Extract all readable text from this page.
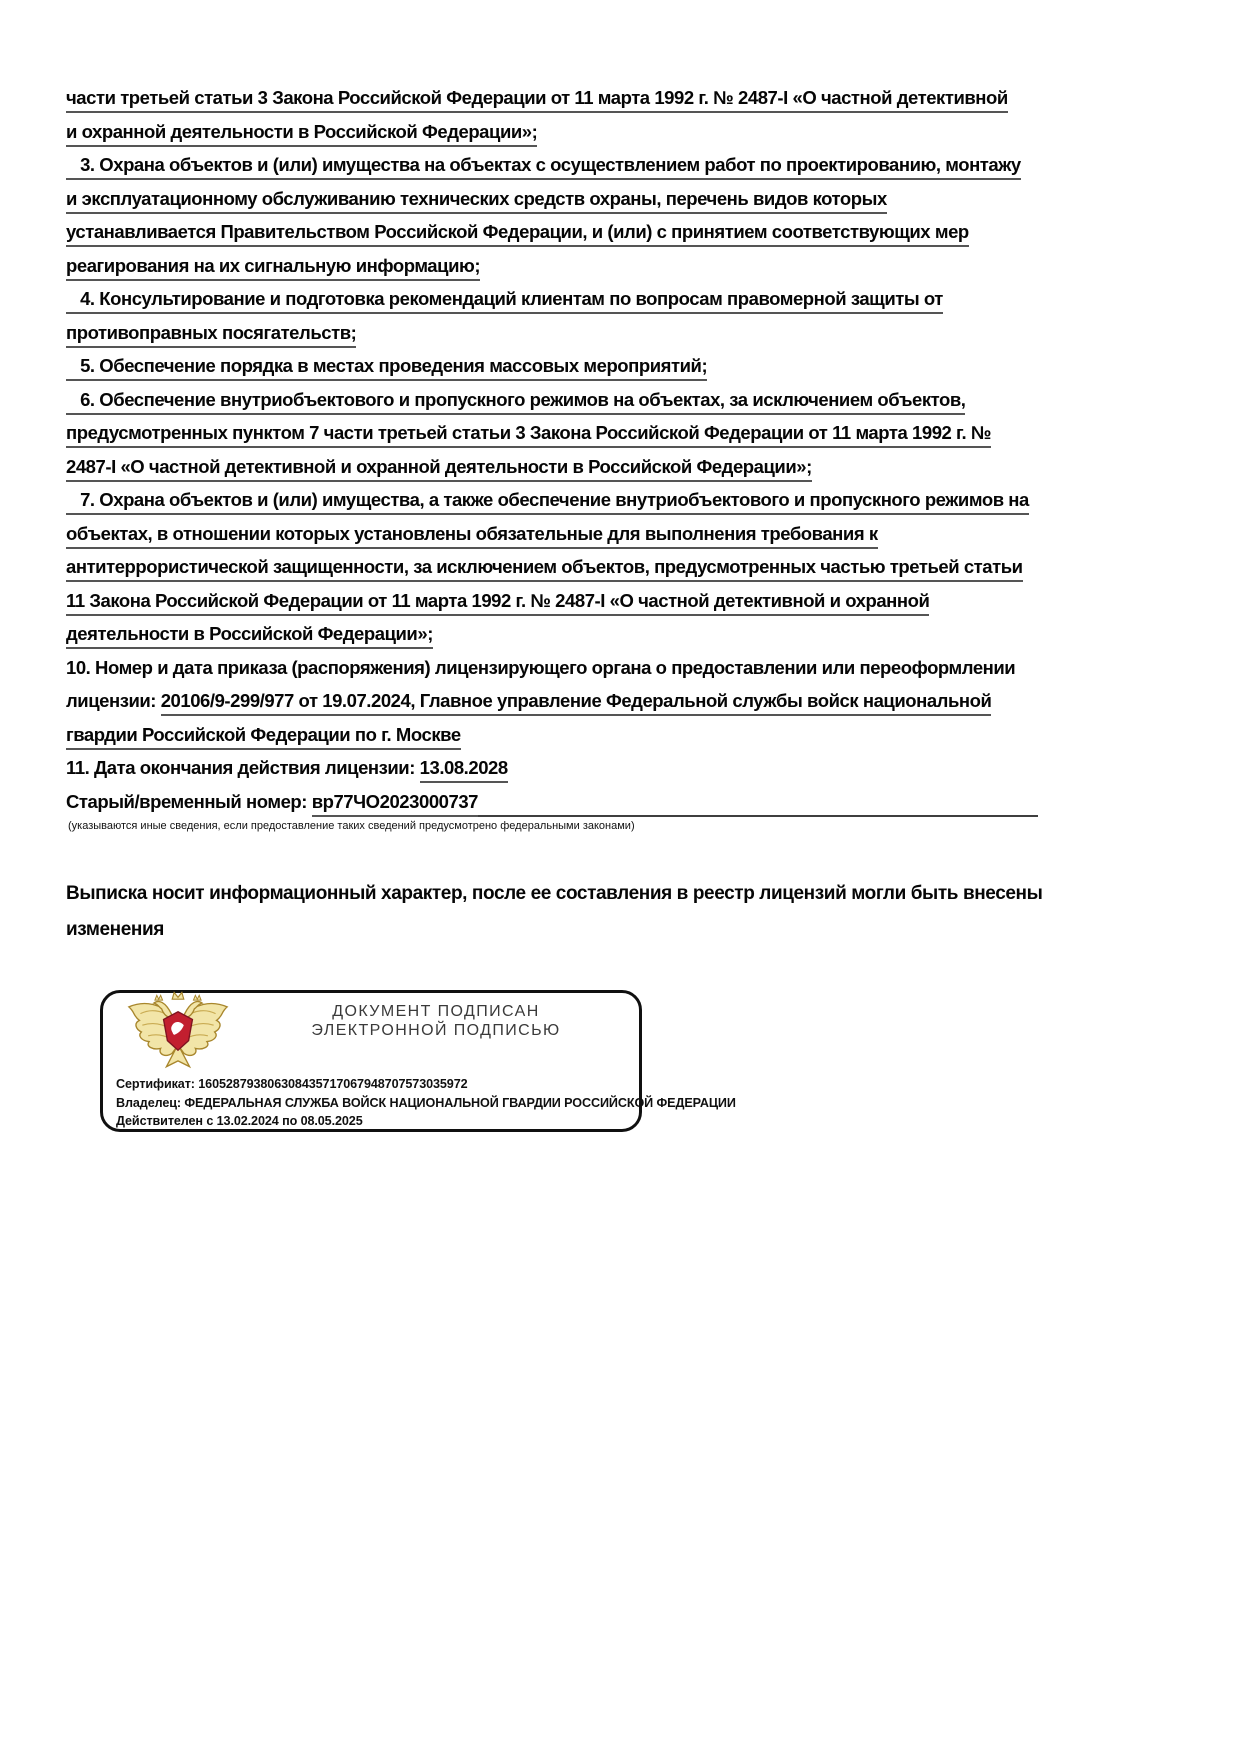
части третьей статьи 3 Закона Российской Федерации от 11 марта 1992 г. № 2487-I «О частной детективной
и охранной деятельности в Российской Федерации»;
3. Охрана объектов и (или) имущества на объектах с осуществлением работ по проектированию, монтажу
и эксплуатационному обслуживанию технических средств охраны, перечень видов которых
устанавливается Правительством Российской Федерации, и (или) с принятием соответствующих мер
реагирования на их сигнальную информацию;
4. Консультирование и подготовка рекомендаций клиентам по вопросам правомерной защиты от
противоправных посягательств;
5. Обеспечение порядка в местах проведения массовых мероприятий;
6. Обеспечение внутриобъектового и пропускного режимов на объектах, за исключением объектов,
предусмотренных пунктом 7 части третьей статьи 3 Закона Российской Федерации от 11 марта 1992 г. №
2487-I «О частной детективной и охранной деятельности в Российской Федерации»;
7. Охрана объектов и (или) имущества, а также обеспечение внутриобъектового и пропускного режимов на
объектах, в отношении которых установлены обязательные для выполнения требования к
антитеррористической защищенности, за исключением объектов, предусмотренных частью третьей статьи
11 Закона Российской Федерации от 11 марта 1992 г. № 2487-I «О частной детективной и охранной
деятельности в Российской Федерации»;
10. Номер и дата приказа (распоряжения) лицензирующего органа о предоставлении или переоформлении
лицензии: 20106/9-299/977 от 19.07.2024, Главное управление Федеральной службы войск национальной
гвардии Российской Федерации по г. Москве
11. Дата окончания действия лицензии: 13.08.2028
Старый/временный номер: вр77ЧО2023000737
(указываются иные сведения, если предоставление таких сведений предусмотрено федеральными законами)
Выписка носит информационный характер, после ее составления в реестр лицензий могли быть внесены
изменения
ДОКУМЕНТ ПОДПИСАН
ЭЛЕКТРОННОЙ ПОДПИСЬЮ
Сертификат: 160528793806308435717067948707573035972
Владелец: ФЕДЕРАЛЬНАЯ СЛУЖБА ВОЙСК НАЦИОНАЛЬНОЙ ГВАРДИИ РОССИЙСКОЙ ФЕДЕРАЦИИ
Действителен с 13.02.2024 по 08.05.2025
